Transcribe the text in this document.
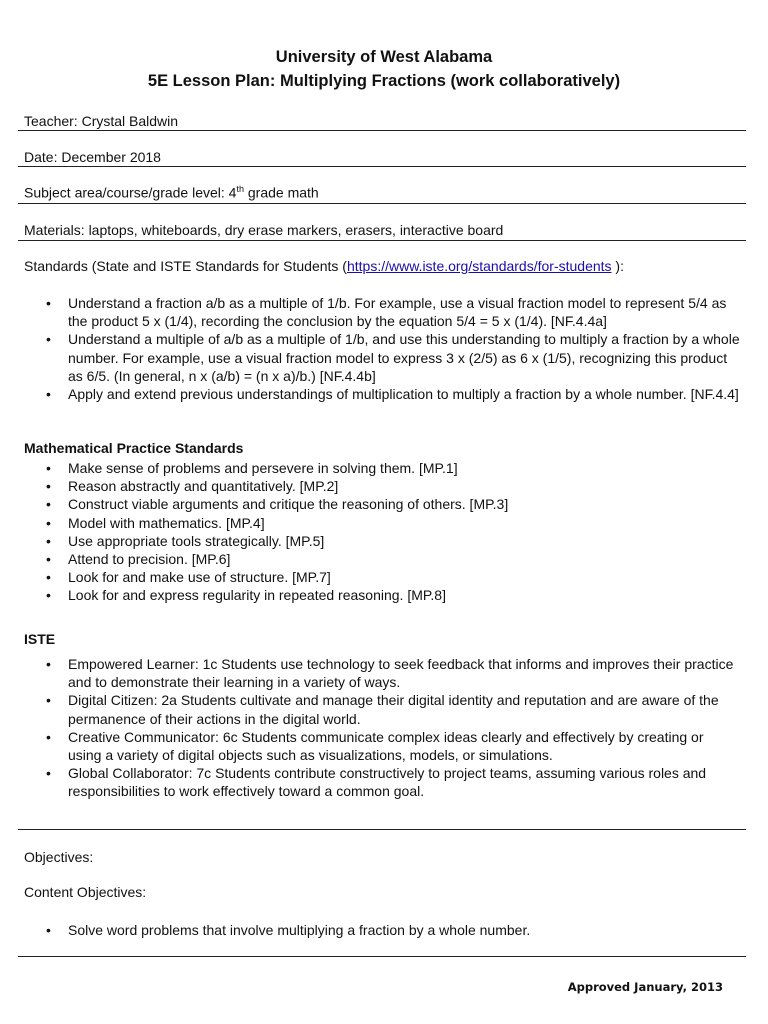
University of West Alabama
5E Lesson Plan: Multiplying Fractions (work collaboratively)
Teacher: Crystal Baldwin
Date: December 2018
Subject area/course/grade level: 4th grade math
Materials: laptops, whiteboards, dry erase markers, erasers, interactive board
Standards (State and ISTE Standards for Students (https://www.iste.org/standards/for-students ):
• Understand a fraction a/b as a multiple of 1/b. For example, use a visual fraction model to represent 5/4 as the product 5 x (1/4), recording the conclusion by the equation 5/4 = 5 x (1/4). [NF.4.4a]
• Understand a multiple of a/b as a multiple of 1/b, and use this understanding to multiply a fraction by a whole number. For example, use a visual fraction model to express 3 x (2/5) as 6 x (1/5), recognizing this product as 6/5. (In general, n x (a/b) = (n x a)/b.) [NF.4.4b]
• Apply and extend previous understandings of multiplication to multiply a fraction by a whole number. [NF.4.4]
Mathematical Practice Standards
• Make sense of problems and persevere in solving them. [MP.1]
• Reason abstractly and quantitatively. [MP.2]
• Construct viable arguments and critique the reasoning of others. [MP.3]
• Model with mathematics. [MP.4]
• Use appropriate tools strategically. [MP.5]
• Attend to precision. [MP.6]
• Look for and make use of structure. [MP.7]
• Look for and express regularity in repeated reasoning. [MP.8]
ISTE
• Empowered Learner: 1c Students use technology to seek feedback that informs and improves their practice and to demonstrate their learning in a variety of ways.
• Digital Citizen: 2a Students cultivate and manage their digital identity and reputation and are aware of the permanence of their actions in the digital world.
• Creative Communicator: 6c Students communicate complex ideas clearly and effectively by creating or using a variety of digital objects such as visualizations, models, or simulations.
• Global Collaborator: 7c Students contribute constructively to project teams, assuming various roles and responsibilities to work effectively toward a common goal.
Objectives:
Content Objectives:
• Solve word problems that involve multiplying a fraction by a whole number.
Approved January, 2013
